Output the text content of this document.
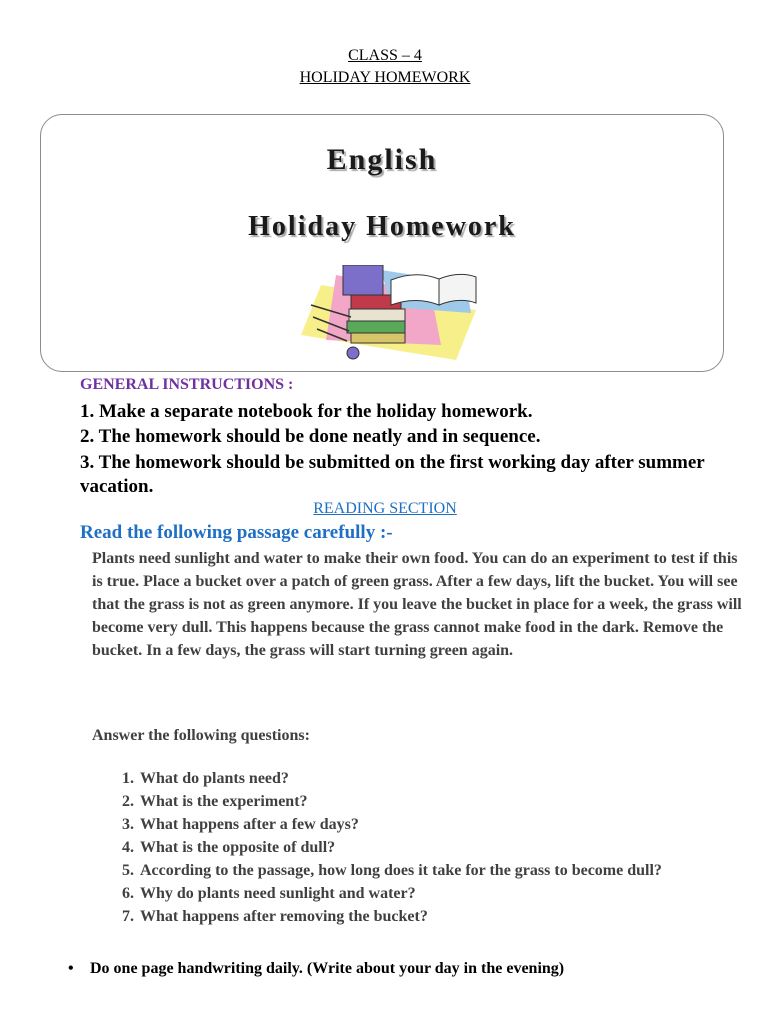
CLASS – 4
HOLIDAY HOMEWORK
English
Holiday Homework
GENERAL INSTRUCTIONS :
1. Make a separate notebook for the holiday homework.
2. The homework should be done neatly and in sequence.
3. The homework should be submitted on the first working day after summer vacation.
READING SECTION
Read the following passage carefully :-
Plants need sunlight and water to make their own food. You can do an experiment to test if this is true. Place a bucket over a patch of green grass. After a few days, lift the bucket. You will see that the grass is not as green anymore. If you leave the bucket in place for a week, the grass will become very dull. This happens because the grass cannot make food in the dark. Remove the bucket. In a few days, the grass will start turning green again.
Answer the following questions:
1. What do plants need?
2. What is the experiment?
3. What happens after a few days?
4. What is the opposite of dull?
5. According to the passage, how long does it take for the grass to become dull?
6. Why do plants need sunlight and water?
7. What happens after removing the bucket?
• Do one page handwriting daily. (Write about your day in the evening)
